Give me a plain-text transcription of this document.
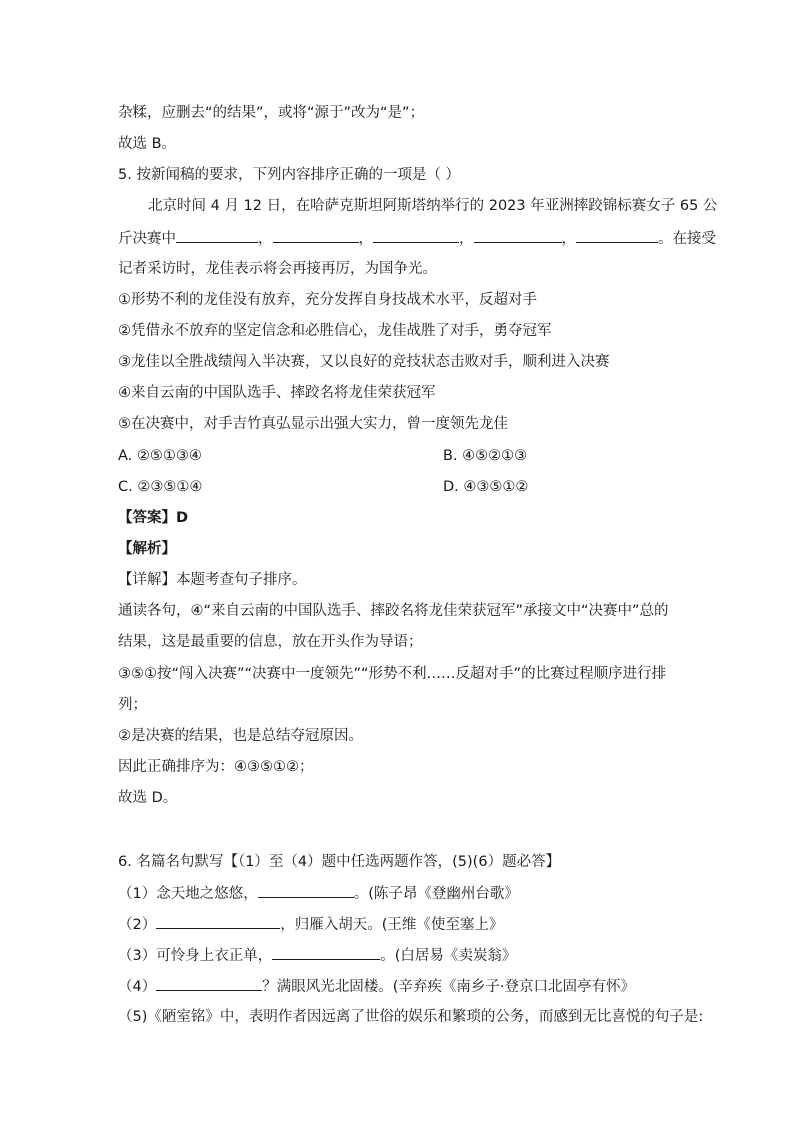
杂糅，应删去“的结果”，或将“源于”改为“是”；
故选 B。
5. 按新闻稿的要求，下列内容排序正确的一项是（ ）
北京时间 4 月 12 日，在哈萨克斯坦阿斯塔纳举行的 2023 年亚洲摔跤锦标赛女子 65 公
斤决赛中	，	，	，	，	。在接受
记者采访时，龙佳表示将会再接再厉，为国争光。
①形势不利的龙佳没有放弃，充分发挥自身技战术水平，反超对手
②凭借永不放弃的坚定信念和必胜信心，龙佳战胜了对手，勇夺冠军
③龙佳以全胜战绩闯入半决赛，又以良好的竞技状态击败对手，顺利进入决赛
④来自云南的中国队选手、摔跤名将龙佳荣获冠军
⑤在决赛中，对手吉竹真弘显示出强大实力，曾一度领先龙佳
A. ②⑤①③④	B. ④⑤②①③
C. ②③⑤①④	D. ④③⑤①②
【答案】D
【解析】
【详解】本题考查句子排序。
通读各句，④“来自云南的中国队选手、摔跤名将龙佳荣获冠军”承接文中“决赛中”总的
结果，这是最重要的信息，放在开头作为导语；
③⑤①按“闯入决赛”“决赛中一度领先”“形势不利……反超对手”的比赛过程顺序进行排
列；
②是决赛的结果，也是总结夺冠原因。
因此正确排序为：④③⑤①②；
故选 D。
6. 名篇名句默写【（1）至（4）题中任选两题作答，(5)(6）题必答】
（1）念天地之悠悠，	。(陈子昂《登幽州台歌》
（2）	，归雁入胡天。(王维《使至塞上》
（3）可怜身上衣正单，	。(白居易《卖炭翁》
（4）	？满眼风光北固楼。(辛弃疾《南乡子·登京口北固亭有怀》
（5)《陋室铭》中，表明作者因远离了世俗的娱乐和繁琐的公务，而感到无比喜悦的句子是:
